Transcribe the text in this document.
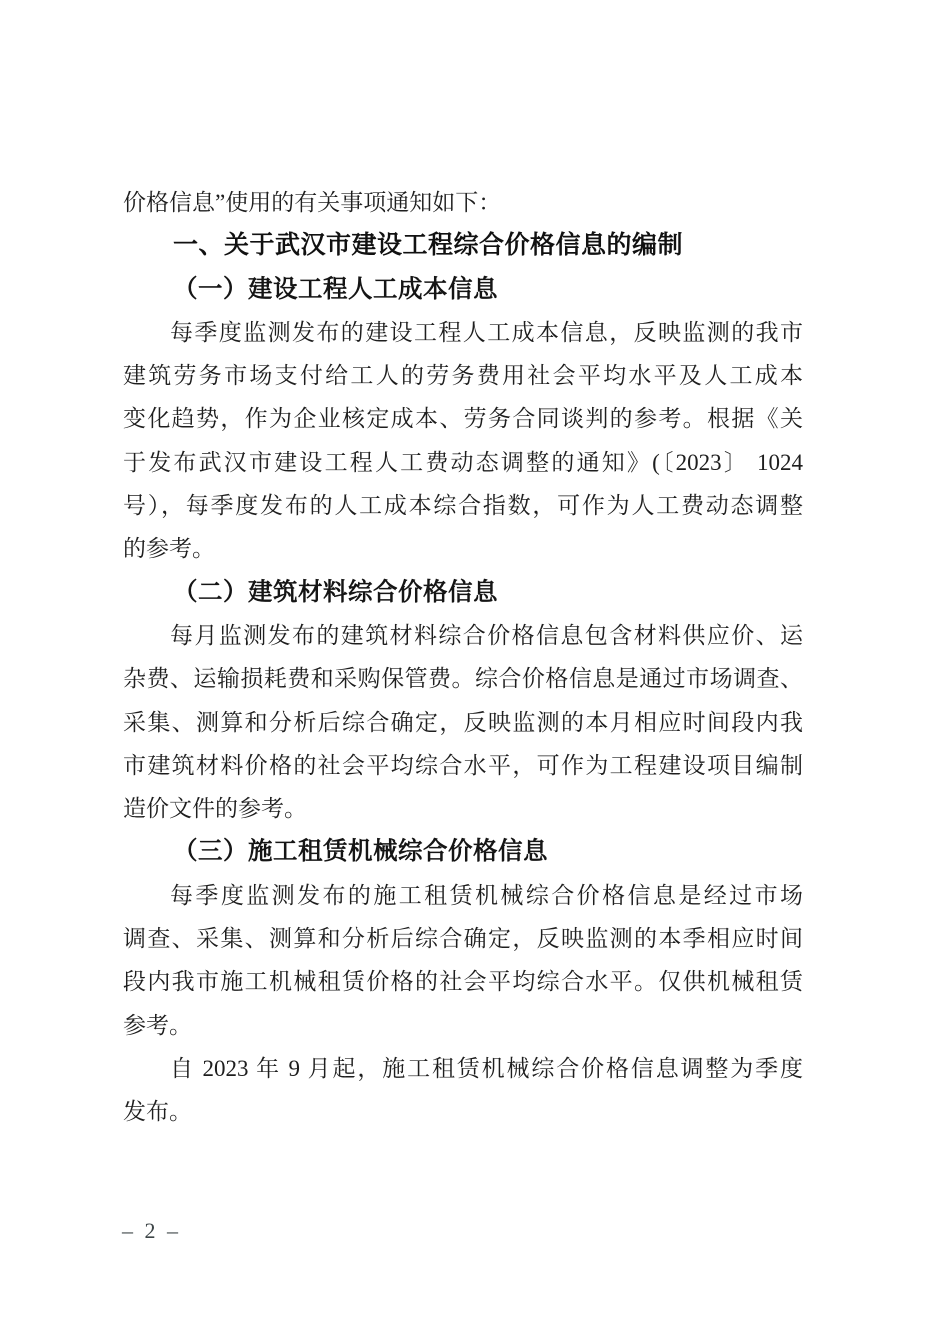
价格信息”使用的有关事项通知如下：
一、关于武汉市建设工程综合价格信息的编制
（一）建设工程人工成本信息
每季度监测发布的建设工程人工成本信息，反映监测的我市
建筑劳务市场支付给工人的劳务费用社会平均水平及人工成本
变化趋势，作为企业核定成本、劳务合同谈判的参考。根据《关
于发布武汉市建设工程人工费动态调整的通知》(〔2023〕 1024
号），每季度发布的人工成本综合指数，可作为人工费动态调整
的参考。
（二）建筑材料综合价格信息
每月监测发布的建筑材料综合价格信息包含材料供应价、运
杂费、运输损耗费和采购保管费。综合价格信息是通过市场调查、
采集、测算和分析后综合确定，反映监测的本月相应时间段内我
市建筑材料价格的社会平均综合水平，可作为工程建设项目编制
造价文件的参考。
（三）施工租赁机械综合价格信息
每季度监测发布的施工租赁机械综合价格信息是经过市场
调查、采集、测算和分析后综合确定，反映监测的本季相应时间
段内我市施工机械租赁价格的社会平均综合水平。仅供机械租赁
参考。
自 2023 年 9 月起，施工租赁机械综合价格信息调整为季度
发布。
– 2 –
